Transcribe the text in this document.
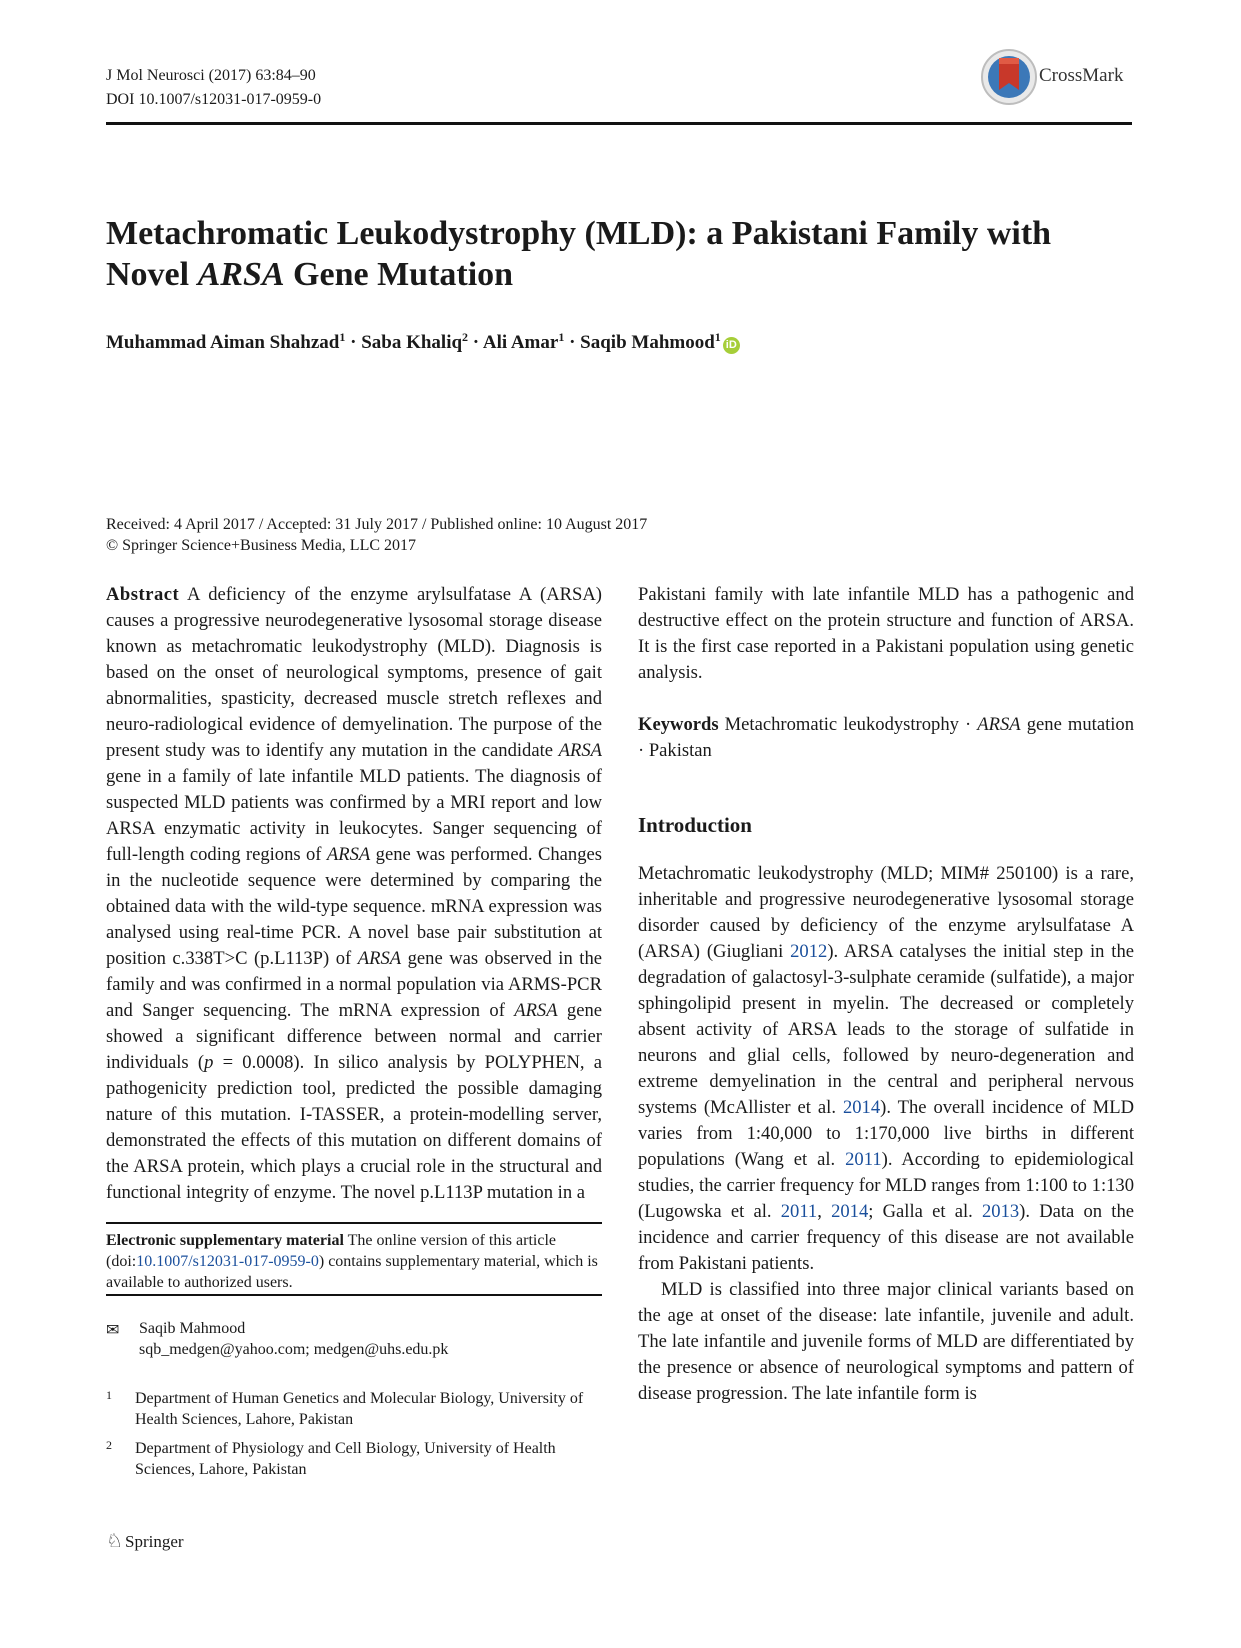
J Mol Neurosci (2017) 63:84–90
DOI 10.1007/s12031-017-0959-0
CrossMark
Metachromatic Leukodystrophy (MLD): a Pakistani Family with Novel ARSA Gene Mutation
Muhammad Aiman Shahzad$^1$ · Saba Khaliq$^2$ · Ali Amar$^1$ · Saqib Mahmood$^1$iD
Received: 4 April 2017 / Accepted: 31 July 2017 / Published online: 10 August 2017
© Springer Science+Business Media, LLC 2017

Abstract A deficiency of the enzyme arylsulfatase A (ARSA) causes a progressive neurodegenerative lysosomal storage disease known as metachromatic leukodystrophy (MLD). Diagnosis is based on the onset of neurological symptoms, presence of gait abnormalities, spasticity, decreased muscle stretch reflexes and neuro-radiological evidence of demyelination. The purpose of the present study was to identify any mutation in the candidate ARSA gene in a family of late infantile MLD patients. The diagnosis of suspected MLD patients was confirmed by a MRI report and low ARSA enzymatic activity in leukocytes. Sanger sequencing of full-length coding regions of ARSA gene was performed. Changes in the nucleotide sequence were determined by comparing the obtained data with the wild-type sequence. mRNA expression was analysed using real-time PCR. A novel base pair substitution at position c.338T>C (p.L113P) of ARSA gene was observed in the family and was confirmed in a normal population via ARMS-PCR and Sanger sequencing. The mRNA expression of ARSA gene showed a significant difference between normal and carrier individuals (p = 0.0008). In silico analysis by POLYPHEN, a pathogenicity prediction tool, predicted the possible damaging nature of this mutation. I-TASSER, a protein-modelling server, demonstrated the effects of this mutation on different domains of the ARSA protein, which plays a crucial role in the structural and functional integrity of enzyme. The novel p.L113P mutation in a

Electronic supplementary material The online version of this article (doi:10.1007/s12031-017-0959-0) contains supplementary material, which is available to authorized users.
✉ Saqib Mahmood
sqb_medgen@yahoo.com; medgen@uhs.edu.pk
1 Department of Human Genetics and Molecular Biology, University of Health Sciences, Lahore, Pakistan
2 Department of Physiology and Cell Biology, University of Health Sciences, Lahore, Pakistan

Pakistani family with late infantile MLD has a pathogenic and destructive effect on the protein structure and function of ARSA. It is the first case reported in a Pakistani population using genetic analysis.

Keywords Metachromatic leukodystrophy · ARSA gene mutation · Pakistan

Introduction

Metachromatic leukodystrophy (MLD; MIM# 250100) is a rare, inheritable and progressive neurodegenerative lysosomal storage disorder caused by deficiency of the enzyme arylsulfatase A (ARSA) (Giugliani 2012). ARSA catalyses the initial step in the degradation of galactosyl-3-sulphate ceramide (sulfatide), a major sphingolipid present in myelin. The decreased or completely absent activity of ARSA leads to the storage of sulfatide in neurons and glial cells, followed by neuro-degeneration and extreme demyelination in the central and peripheral nervous systems (McAllister et al. 2014). The overall incidence of MLD varies from 1:40,000 to 1:170,000 live births in different populations (Wang et al. 2011). According to epidemiological studies, the carrier frequency for MLD ranges from 1:100 to 1:130 (Lugowska et al. 2011, 2014; Galla et al. 2013). Data on the incidence and carrier frequency of this disease are not available from Pakistani patients.

MLD is classified into three major clinical variants based on the age at onset of the disease: late infantile, juvenile and adult. The late infantile and juvenile forms of MLD are differentiated by the presence or absence of neurological symptoms and pattern of disease progression. The late infantile form is

♘ Springer
